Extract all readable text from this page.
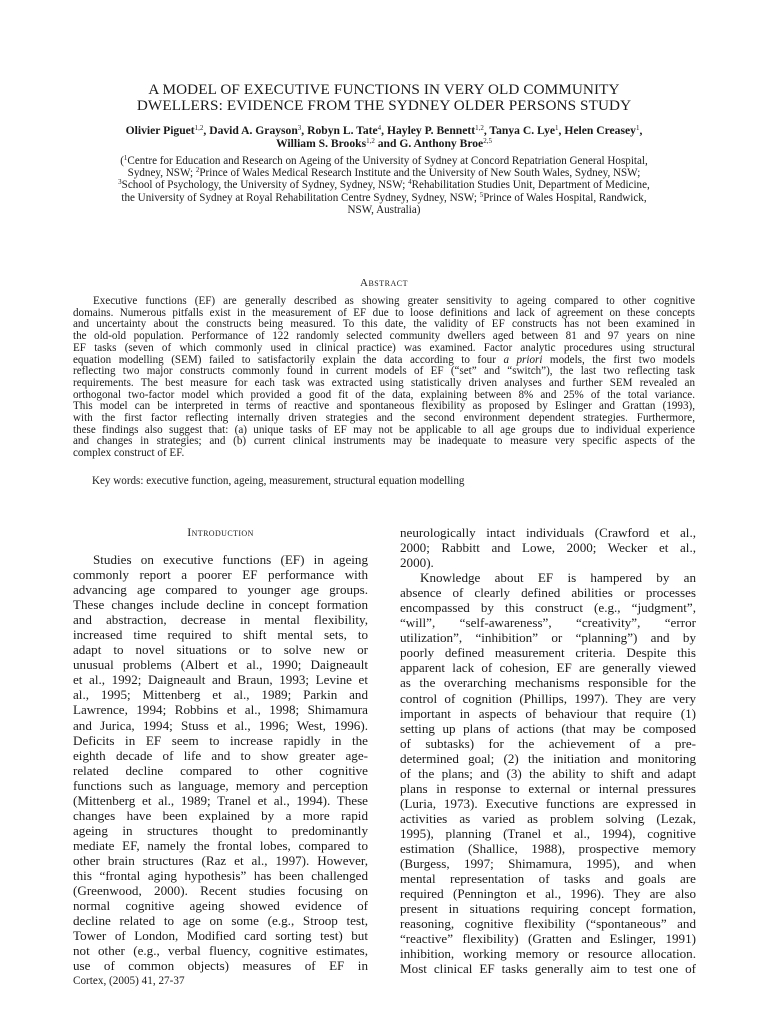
A MODEL OF EXECUTIVE FUNCTIONS IN VERY OLD COMMUNITY
DWELLERS: EVIDENCE FROM THE SYDNEY OLDER PERSONS STUDY
Olivier Piguet$^{1,2}$, David A. Grayson$^3$, Robyn L. Tate$^4$, Hayley P. Bennett$^{1,2}$, Tanya C. Lye$^1$, Helen Creasey$^1$,
William S. Brooks$^{1,2}$ and G. Anthony Broe$^{2,5}$
($^1$Centre for Education and Research on Ageing of the University of Sydney at Concord Repatriation General Hospital,
Sydney, NSW; $^2$Prince of Wales Medical Research Institute and the University of New South Wales, Sydney, NSW;
$^3$School of Psychology, the University of Sydney, Sydney, NSW; $^4$Rehabilitation Studies Unit, Department of Medicine,
the University of Sydney at Royal Rehabilitation Centre Sydney, Sydney, NSW; $^5$Prince of Wales Hospital, Randwick,
NSW, Australia)
Abstract
Executive functions (EF) are generally described as showing greater sensitivity to ageing compared to other cognitive
domains. Numerous pitfalls exist in the measurement of EF due to loose definitions and lack of agreement on these concepts
and uncertainty about the constructs being measured. To this date, the validity of EF constructs has not been examined in
the old-old population. Performance of 122 randomly selected community dwellers aged between 81 and 97 years on nine
EF tasks (seven of which commonly used in clinical practice) was examined. Factor analytic procedures using structural
equation modelling (SEM) failed to satisfactorily explain the data according to four a priori models, the first two models
reflecting two major constructs commonly found in current models of EF (“set” and “switch”), the last two reflecting task
requirements. The best measure for each task was extracted using statistically driven analyses and further SEM revealed an
orthogonal two-factor model which provided a good fit of the data, explaining between 8% and 25% of the total variance.
This model can be interpreted in terms of reactive and spontaneous flexibility as proposed by Eslinger and Grattan (1993),
with the first factor reflecting internally driven strategies and the second environment dependent strategies. Furthermore,
these findings also suggest that: (a) unique tasks of EF may not be applicable to all age groups due to individual experience
and changes in strategies; and (b) current clinical instruments may be inadequate to measure very specific aspects of the
complex construct of EF.
Key words: executive function, ageing, measurement, structural equation modelling
Introduction
Studies on executive functions (EF) in ageing
commonly report a poorer EF performance with
advancing age compared to younger age groups.
These changes include decline in concept formation
and abstraction, decrease in mental flexibility,
increased time required to shift mental sets, to
adapt to novel situations or to solve new or
unusual problems (Albert et al., 1990; Daigneault
et al., 1992; Daigneault and Braun, 1993; Levine et
al., 1995; Mittenberg et al., 1989; Parkin and
Lawrence, 1994; Robbins et al., 1998; Shimamura
and Jurica, 1994; Stuss et al., 1996; West, 1996).
Deficits in EF seem to increase rapidly in the
eighth decade of life and to show greater age-
related decline compared to other cognitive
functions such as language, memory and perception
(Mittenberg et al., 1989; Tranel et al., 1994). These
changes have been explained by a more rapid
ageing in structures thought to predominantly
mediate EF, namely the frontal lobes, compared to
other brain structures (Raz et al., 1997). However,
this “frontal aging hypothesis” has been challenged
(Greenwood, 2000). Recent studies focusing on
normal cognitive ageing showed evidence of
decline related to age on some (e.g., Stroop test,
Tower of London, Modified card sorting test) but
not other (e.g., verbal fluency, cognitive estimates,
use of common objects) measures of EF in
neurologically intact individuals (Crawford et al.,
2000; Rabbitt and Lowe, 2000; Wecker et al.,
2000).
Knowledge about EF is hampered by an
absence of clearly defined abilities or processes
encompassed by this construct (e.g., “judgment”,
“will”, “self-awareness”, “creativity”, “error
utilization”, “inhibition” or “planning”) and by
poorly defined measurement criteria. Despite this
apparent lack of cohesion, EF are generally viewed
as the overarching mechanisms responsible for the
control of cognition (Phillips, 1997). They are very
important in aspects of behaviour that require (1)
setting up plans of actions (that may be composed
of subtasks) for the achievement of a pre-
determined goal; (2) the initiation and monitoring
of the plans; and (3) the ability to shift and adapt
plans in response to external or internal pressures
(Luria, 1973). Executive functions are expressed in
activities as varied as problem solving (Lezak,
1995), planning (Tranel et al., 1994), cognitive
estimation (Shallice, 1988), prospective memory
(Burgess, 1997; Shimamura, 1995), and when
mental representation of tasks and goals are
required (Pennington et al., 1996). They are also
present in situations requiring concept formation,
reasoning, cognitive flexibility (“spontaneous” and
“reactive” flexibility) (Gratten and Eslinger, 1991)
inhibition, working memory or resource allocation.
Most clinical EF tasks generally aim to test one of
Cortex, (2005) 41, 27-37
